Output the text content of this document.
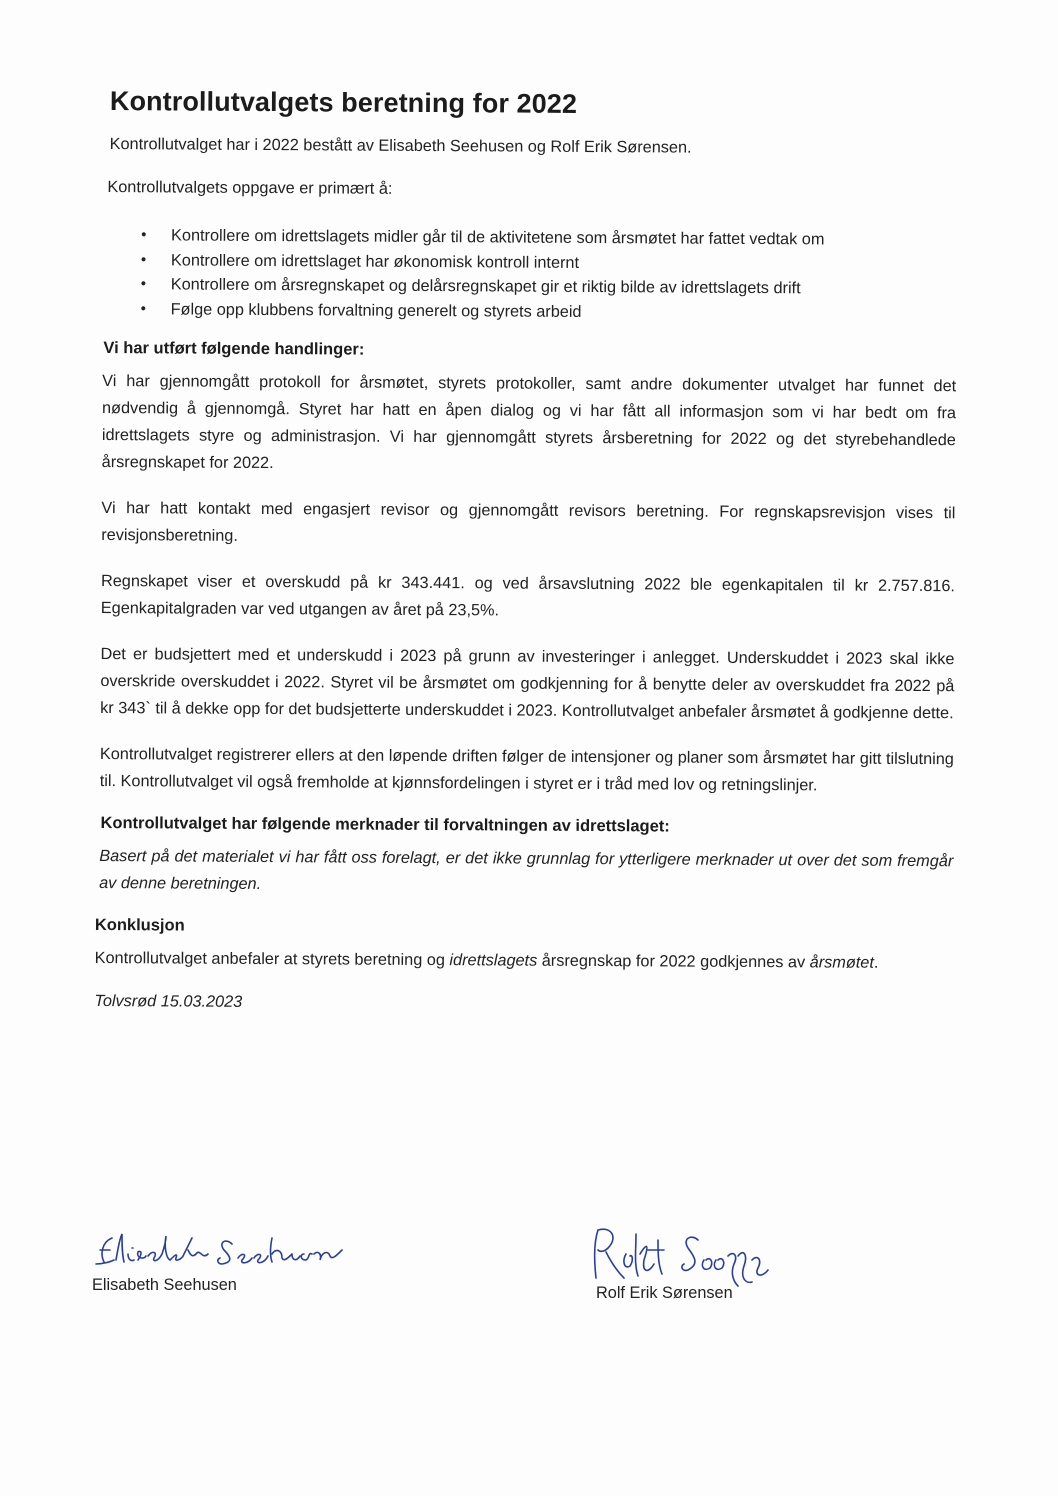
Kontrollutvalgets beretning for 2022

Kontrollutvalget har i 2022 bestått av Elisabeth Seehusen og Rolf Erik Sørensen.

Kontrollutvalgets oppgave er primært å:

• Kontrollere om idrettslagets midler går til de aktivitetene som årsmøtet har fattet vedtak om
• Kontrollere om idrettslaget har økonomisk kontroll internt
• Kontrollere om årsregnskapet og delårsregnskapet gir et riktig bilde av idrettslagets drift
• Følge opp klubbens forvaltning generelt og styrets arbeid
Vi har utført følgende handlinger:

Vi har gjennomgått protokoll for årsmøtet, styrets protokoller, samt andre dokumenter utvalget har funnet det nødvendig å gjennomgå. Styret har hatt en åpen dialog og vi har fått all informasjon som vi har bedt om fra idrettslagets styre og administrasjon. Vi har gjennomgått styrets årsberetning for 2022 og det styrebehandlede årsregnskapet for 2022.

Vi har hatt kontakt med engasjert revisor og gjennomgått revisors beretning. For regnskapsrevisjon vises til revisjonsberetning.

Regnskapet viser et overskudd på kr 343.441. og ved årsavslutning 2022 ble egenkapitalen til kr 2.757.816. Egenkapitalgraden var ved utgangen av året på 23,5%.

Det er budsjettert med et underskudd i 2023 på grunn av investeringer i anlegget. Underskuddet i 2023 skal ikke overskride overskuddet i 2022. Styret vil be årsmøtet om godkjenning for å benytte deler av overskuddet fra 2022 på kr 343` til å dekke opp for det budsjetterte underskuddet i 2023. Kontrollutvalget anbefaler årsmøtet å godkjenne dette.

Kontrollutvalget registrerer ellers at den løpende driften følger de intensjoner og planer som årsmøtet har gitt tilslutning til. Kontrollutvalget vil også fremholde at kjønnsfordelingen i styret er i tråd med lov og retningslinjer.

Kontrollutvalget har følgende merknader til forvaltningen av idrettslaget:

Basert på det materialet vi har fått oss forelagt, er det ikke grunnlag for ytterligere merknader ut over det som fremgår av denne beretningen.

Konklusjon

Kontrollutvalget anbefaler at styrets beretning og idrettslagets årsregnskap for 2022 godkjennes av årsmøtet.

Tolvsrød 15.03.2023

Elisabeth Seehusen	Rolf Erik Sørensen
